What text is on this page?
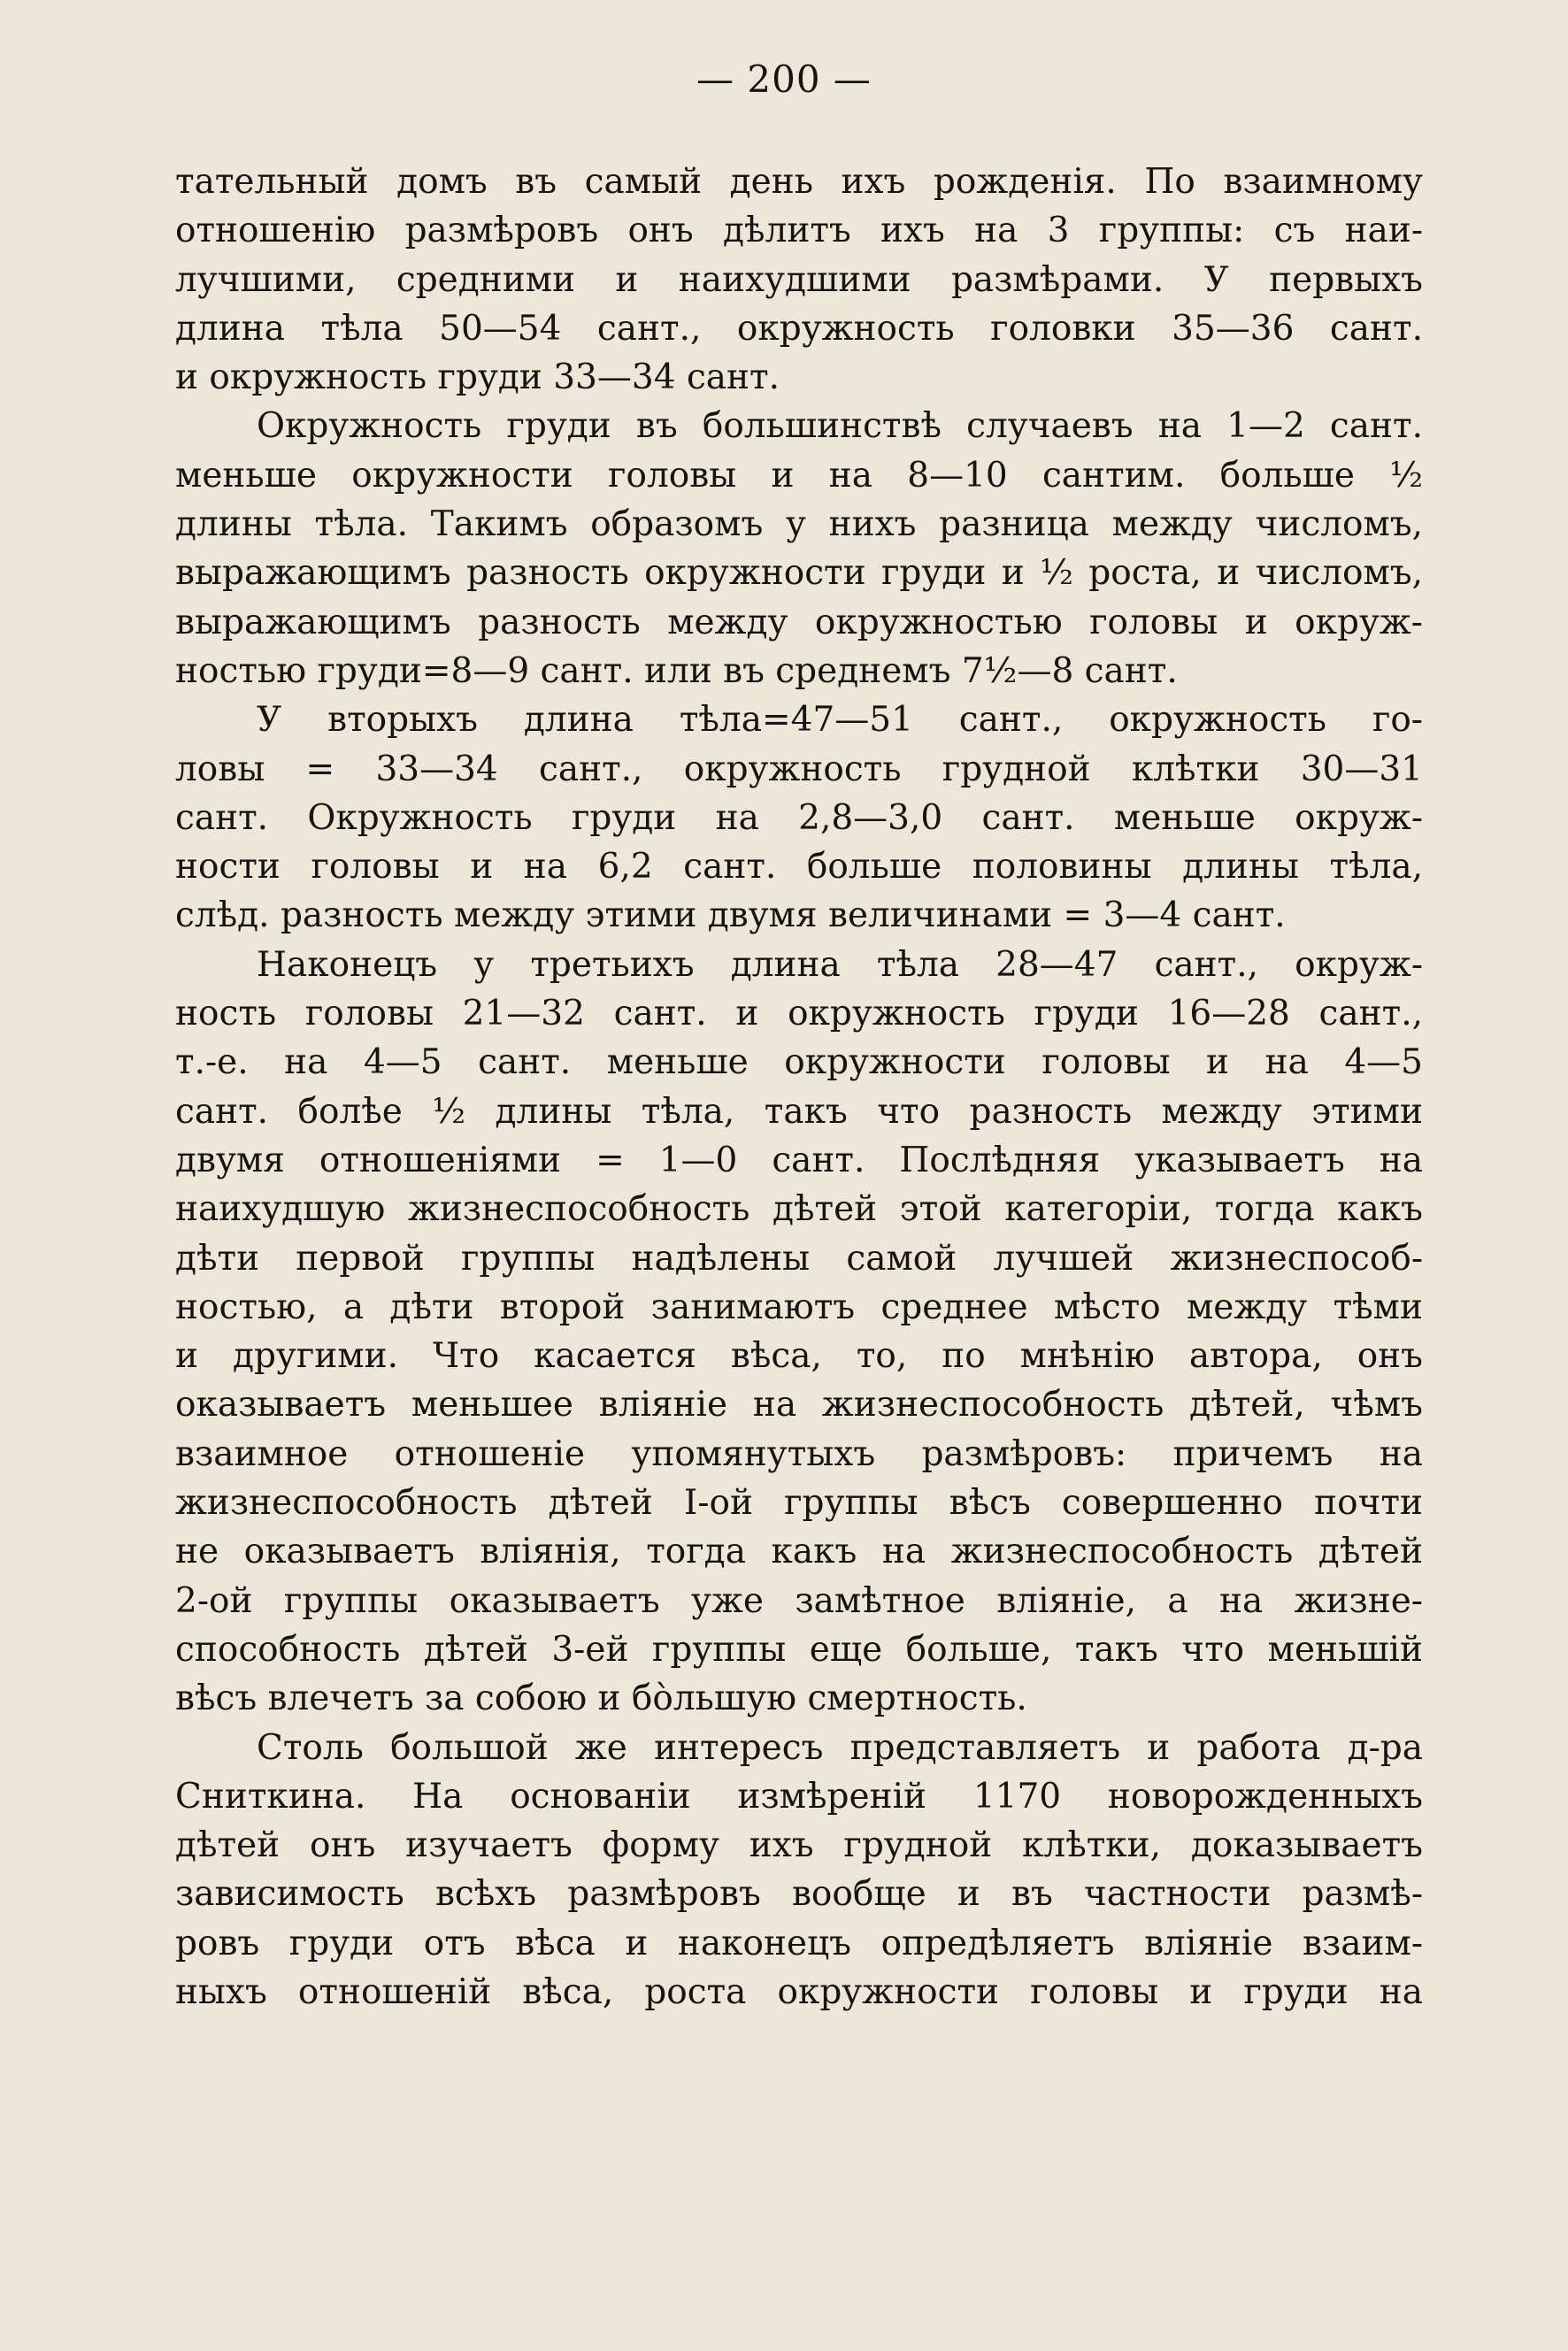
— 200 —

тательный домъ въ самый день ихъ рожденія. По взаимному
отношенію размѣровъ онъ дѣлитъ ихъ на 3 группы: съ наи-
лучшими, средними и наихудшими размѣрами. У первыхъ
длина тѣла 50—54 сант., окружность головки 35—36 сант.
и окружность груди 33—34 сант.

Окружность груди въ большинствѣ случаевъ на 1—2 сант.
меньше окружности головы и на 8—10 сантим. больше ½
длины тѣла. Такимъ образомъ у нихъ разница между числомъ,
выражающимъ разность окружности груди и ½ роста, и числомъ,
выражающимъ разность между окружностью головы и окруж-
ностью груди=8—9 сант. или въ среднемъ 7½—8 сант.

У вторыхъ длина тѣла=47—51 сант., окружность го-
ловы = 33—34 сант., окружность грудной клѣтки 30—31
сант. Окружность груди на 2,8—3,0 сант. меньше окруж-
ности головы и на 6,2 сант. больше половины длины тѣла,
слѣд. разность между этими двумя величинами = 3—4 сант.

Наконецъ у третьихъ длина тѣла 28—47 сант., окруж-
ность головы 21—32 сант. и окружность груди 16—28 сант.,
т.-е. на 4—5 сант. меньше окружности головы и на 4—5
сант. болѣе ½ длины тѣла, такъ что разность между этими
двумя отношеніями = 1—0 сант. Послѣдняя указываетъ на
наихудшую жизнеспособность дѣтей этой категоріи, тогда какъ
дѣти первой группы надѣлены самой лучшей жизнеспособ-
ностью, а дѣти второй занимаютъ среднее мѣсто между тѣми
и другими. Что касается вѣса, то, по мнѣнію автора, онъ
оказываетъ меньшее вліяніе на жизнеспособность дѣтей, чѣмъ
взаимное отношеніе упомянутыхъ размѣровъ: причемъ на
жизнеспособность дѣтей І-ой группы вѣсъ совершенно почти
не оказываетъ вліянія, тогда какъ на жизнеспособность дѣтей
2-ой группы оказываетъ уже замѣтное вліяніе, а на жизне-
способность дѣтей 3-ей группы еще больше, такъ что меньшій
вѣсъ влечетъ за собою и бо̀льшую смертность.

Столь большой же интересъ представляетъ и работа д-ра
Сниткина. На основаніи измѣреній 1170 новорожденныхъ
дѣтей онъ изучаетъ форму ихъ грудной клѣтки, доказываетъ
зависимость всѣхъ размѣровъ вообще и въ частности размѣ-
ровъ груди отъ вѣса и наконецъ опредѣляетъ вліяніе взаим-
ныхъ отношеній вѣса, роста окружности головы и груди на
